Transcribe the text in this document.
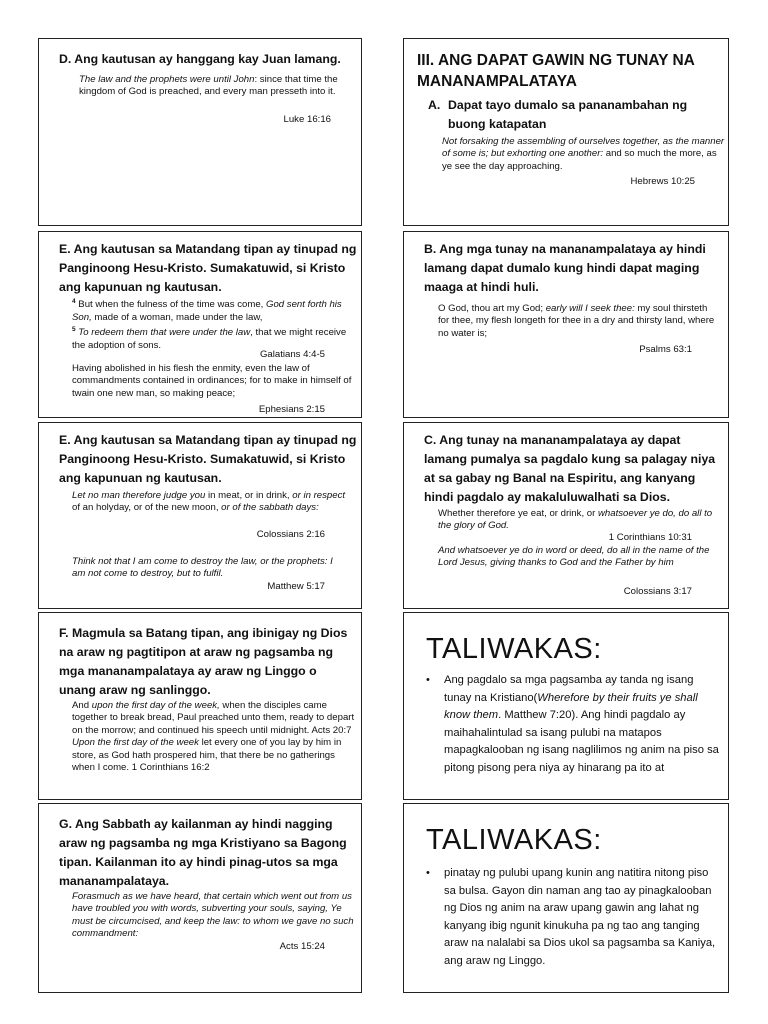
D. Ang kautusan ay hanggang kay Juan lamang.
The law and the prophets were until John: since that time the kingdom of God is preached, and every man presseth into it.
Luke 16:16
III. ANG DAPAT GAWIN NG TUNAY NA MANANAMPALATAYA
A. Dapat tayo dumalo sa pananambahan ng buong katapatan
Not forsaking the assembling of ourselves together, as the manner of some is; but exhorting one another: and so much the more, as ye see the day approaching.
Hebrews 10:25
E. Ang kautusan sa Matandang tipan ay tinupad ng Panginoong Hesu-Kristo. Sumakatuwid, si Kristo ang kapunuan ng kautusan.
$^4$ But when the fulness of the time was come, God sent forth his Son, made of a woman, made under the law,
$^5$ To redeem them that were under the law, that we might receive the adoption of sons.
Galatians 4:4-5
Having abolished in his flesh the enmity, even the law of commandments contained in ordinances; for to make in himself of twain one new man, so making peace;
Ephesians 2:15
B. Ang mga tunay na mananampalataya ay hindi lamang dapat dumalo kung hindi dapat maging maaga at hindi huli.
O God, thou art my God; early will I seek thee: my soul thirsteth for thee, my flesh longeth for thee in a dry and thirsty land, where no water is;
Psalms 63:1
E. Ang kautusan sa Matandang tipan ay tinupad ng Panginoong Hesu-Kristo. Sumakatuwid, si Kristo ang kapunuan ng kautusan.
Let no man therefore judge you in meat, or in drink, or in respect of an holyday, or of the new moon, or of the sabbath days:
Colossians 2:16
Think not that I am come to destroy the law, or the prophets: I am not come to destroy, but to fulfil.
Matthew 5:17
C. Ang tunay na mananampalataya ay dapat lamang pumalya sa pagdalo kung sa palagay niya at sa gabay ng Banal na Espiritu, ang kanyang hindi pagdalo ay makaluluwalhati sa Dios.
Whether therefore ye eat, or drink, or whatsoever ye do, do all to the glory of God.
1 Corinthians 10:31
And whatsoever ye do in word or deed, do all in the name of the Lord Jesus, giving thanks to God and the Father by him
Colossians 3:17
F. Magmula sa Batang tipan, ang ibinigay ng Dios na araw ng pagtitipon at araw ng pagsamba ng mga mananampalataya ay araw ng Linggo o unang araw ng sanlinggo.
And upon the first day of the week, when the disciples came together to break bread, Paul preached unto them, ready to depart on the morrow; and continued his speech until midnight. Acts 20:7
Upon the first day of the week let every one of you lay by him in store, as God hath prospered him, that there be no gatherings when I come. 1 Corinthians 16:2
TALIWAKAS:
• Ang pagdalo sa mga pagsamba ay tanda ng isang tunay na Kristiano(Wherefore by their fruits ye shall know them. Matthew 7:20). Ang hindi pagdalo ay maihahalintulad sa isang pulubi na matapos mapagkalooban ng isang naglilimos ng anim na piso sa pitong pisong pera niya ay hinarang pa ito at
G. Ang Sabbath ay kailanman ay hindi nagging araw ng pagsamba ng mga Kristiyano sa Bagong tipan. Kailanman ito ay hindi pinag-utos sa mga mananampalataya.
Forasmuch as we have heard, that certain which went out from us have troubled you with words, subverting your souls, saying, Ye must be circumcised, and keep the law: to whom we gave no such commandment:
Acts 15:24
TALIWAKAS:
• pinatay ng pulubi upang kunin ang natitira nitong piso sa bulsa. Gayon din naman ang tao ay pinagkalooban ng Dios ng anim na araw upang gawin ang lahat ng kanyang ibig ngunit kinukuha pa ng tao ang tanging araw na nalalabi sa Dios ukol sa pagsamba sa Kaniya, ang araw ng Linggo.
